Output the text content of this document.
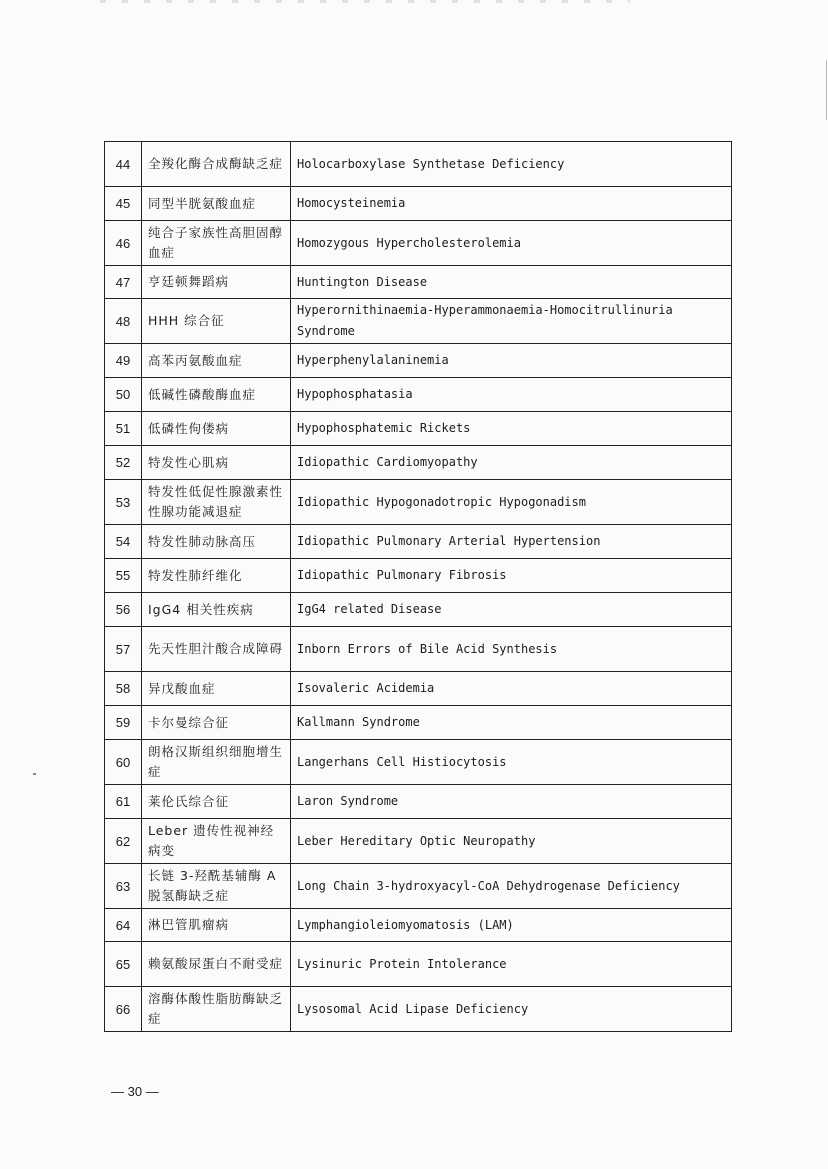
44	全羧化酶合成酶缺乏症	Holocarboxylase Synthetase Deficiency
45	同型半胱氨酸血症	Homocysteinemia
46	纯合子家族性高胆固醇血症	Homozygous Hypercholesterolemia
47	亨廷顿舞蹈病	Huntington Disease
48	HHH 综合征	Hyperornithinaemia-Hyperammonaemia-Homocitrullinuria Syndrome
49	高苯丙氨酸血症	Hyperphenylalaninemia
50	低碱性磷酸酶血症	Hypophosphatasia
51	低磷性佝偻病	Hypophosphatemic Rickets
52	特发性心肌病	Idiopathic Cardiomyopathy
53	特发性低促性腺激素性性腺功能减退症	Idiopathic Hypogonadotropic Hypogonadism
54	特发性肺动脉高压	Idiopathic Pulmonary Arterial Hypertension
55	特发性肺纤维化	Idiopathic Pulmonary Fibrosis
56	IgG4 相关性疾病	IgG4 related Disease
57	先天性胆汁酸合成障碍	Inborn Errors of Bile Acid Synthesis
58	异戊酸血症	Isovaleric Acidemia
59	卡尔曼综合征	Kallmann Syndrome
60	朗格汉斯组织细胞增生症	Langerhans Cell Histiocytosis
61	莱伦氏综合征	Laron Syndrome
62	Leber 遗传性视神经病变	Leber Hereditary Optic Neuropathy
63	长链 3-羟酰基辅酶 A 脱氢酶缺乏症	Long Chain 3-hydroxyacyl-CoA Dehydrogenase Deficiency
64	淋巴管肌瘤病	Lymphangioleiomyomatosis (LAM)
65	赖氨酸尿蛋白不耐受症	Lysinuric Protein Intolerance
66	溶酶体酸性脂肪酶缺乏症	Lysosomal Acid Lipase Deficiency
— 30 —
